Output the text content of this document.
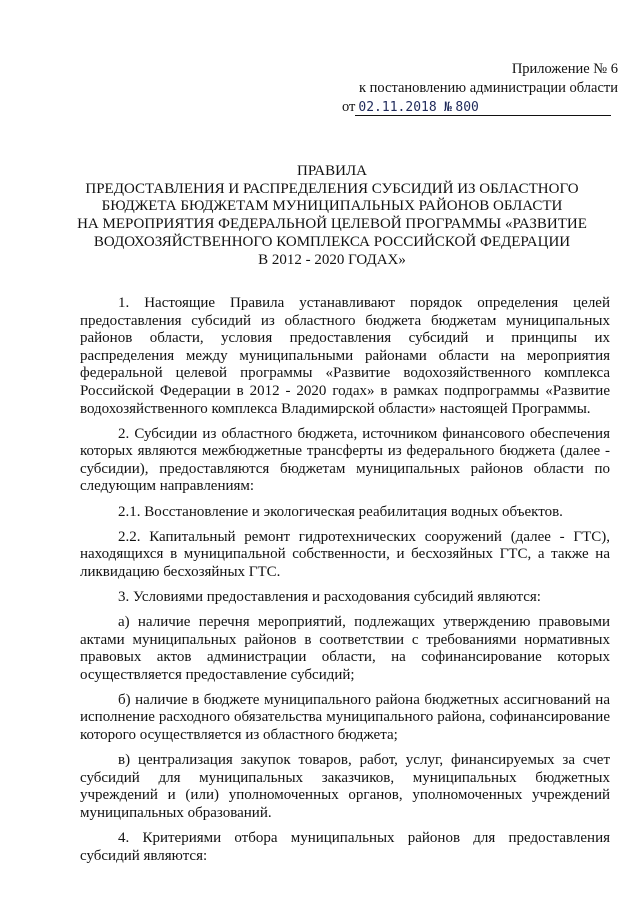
Приложение № 6
к постановлению администрации области
от 02.11.2018 № 800
ПРАВИЛА
ПРЕДОСТАВЛЕНИЯ И РАСПРЕДЕЛЕНИЯ СУБСИДИЙ ИЗ ОБЛАСТНОГО
БЮДЖЕТА БЮДЖЕТАМ МУНИЦИПАЛЬНЫХ РАЙОНОВ ОБЛАСТИ
НА МЕРОПРИЯТИЯ ФЕДЕРАЛЬНОЙ ЦЕЛЕВОЙ ПРОГРАММЫ «РАЗВИТИЕ
ВОДОХОЗЯЙСТВЕННОГО КОМПЛЕКСА РОССИЙСКОЙ ФЕДЕРАЦИИ
В 2012 - 2020 ГОДАХ»

1. Настоящие Правила устанавливают порядок определения целей предоставления субсидий из областного бюджета бюджетам муниципальных районов области, условия предоставления субсидий и принципы их распределения между муниципальными районами области на мероприятия федеральной целевой программы «Развитие водохозяйственного комплекса Российской Федерации в 2012 - 2020 годах» в рамках подпрограммы «Развитие водохозяйственного комплекса Владимирской области» настоящей Программы.

2. Субсидии из областного бюджета, источником финансового обеспечения которых являются межбюджетные трансферты из федерального бюджета (далее - субсидии), предоставляются бюджетам муниципальных районов области по следующим направлениям:

2.1. Восстановление и экологическая реабилитация водных объектов.

2.2. Капитальный ремонт гидротехнических сооружений (далее - ГТС), находящихся в муниципальной собственности, и бесхозяйных ГТС, а также на ликвидацию бесхозяйных ГТС.

3. Условиями предоставления и расходования субсидий являются:

а) наличие перечня мероприятий, подлежащих утверждению правовыми актами муниципальных районов в соответствии с требованиями нормативных правовых актов администрации области, на софинансирование которых осуществляется предоставление субсидий;

б) наличие в бюджете муниципального района бюджетных ассигнований на исполнение расходного обязательства муниципального района, софинансирование которого осуществляется из областного бюджета;

в) централизация закупок товаров, работ, услуг, финансируемых за счет субсидий для муниципальных заказчиков, муниципальных бюджетных учреждений и (или) уполномоченных органов, уполномоченных учреждений муниципальных образований.

4. Критериями отбора муниципальных районов для предоставления субсидий являются:
